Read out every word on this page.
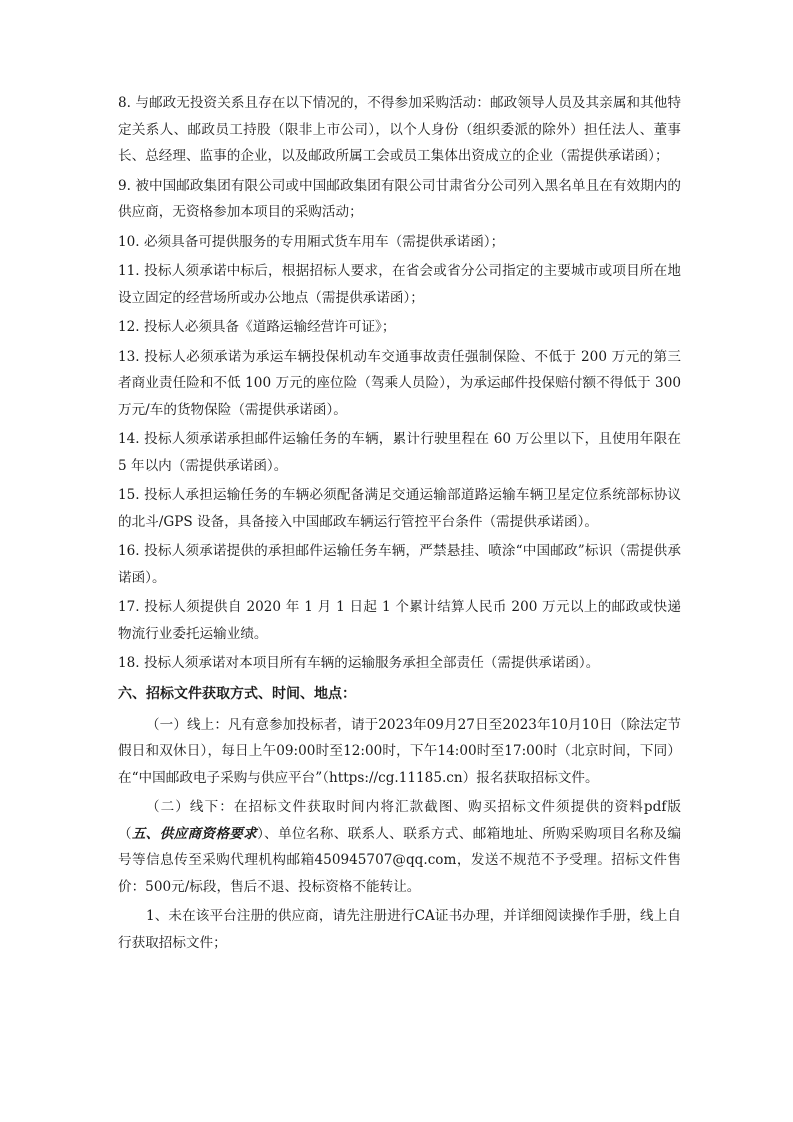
8. 与邮政无投资关系且存在以下情况的，不得参加采购活动：邮政领导人员及其亲属和其他特定关系人、邮政员工持股（限非上市公司），以个人身份（组织委派的除外）担任法人、董事长、总经理、监事的企业，以及邮政所属工会或员工集体出资成立的企业（需提供承诺函）；

9. 被中国邮政集团有限公司或中国邮政集团有限公司甘肃省分公司列入黑名单且在有效期内的供应商，无资格参加本项目的采购活动；

10. 必须具备可提供服务的专用厢式货车用车（需提供承诺函）；

11. 投标人须承诺中标后，根据招标人要求，在省会或省分公司指定的主要城市或项目所在地设立固定的经营场所或办公地点（需提供承诺函）；

12. 投标人必须具备《道路运输经营许可证》；

13. 投标人必须承诺为承运车辆投保机动车交通事故责任强制保险、不低于 200 万元的第三者商业责任险和不低 100 万元的座位险（驾乘人员险），为承运邮件投保赔付额不得低于 300 万元/车的货物保险（需提供承诺函）。

14. 投标人须承诺承担邮件运输任务的车辆，累计行驶里程在 60 万公里以下，且使用年限在 5 年以内（需提供承诺函）。

15. 投标人承担运输任务的车辆必须配备满足交通运输部道路运输车辆卫星定位系统部标协议的北斗/GPS 设备，具备接入中国邮政车辆运行管控平台条件（需提供承诺函）。

16. 投标人须承诺提供的承担邮件运输任务车辆，严禁悬挂、喷涂“中国邮政”标识（需提供承诺函）。

17. 投标人须提供自 2020 年 1 月 1 日起 1 个累计结算人民币 200 万元以上的邮政或快递物流行业委托运输业绩。

18. 投标人须承诺对本项目所有车辆的运输服务承担全部责任（需提供承诺函）。

六、招标文件获取方式、时间、地点：

（一）线上：凡有意参加投标者，请于2023年09月27日至2023年10月10日（除法定节假日和双休日），每日上午09:00时至12:00时，下午14:00时至17:00时（北京时间，下同）在“中国邮政电子采购与供应平台”（https://cg.11185.cn）报名获取招标文件。

（二）线下：在招标文件获取时间内将汇款截图、购买招标文件须提供的资料pdf版（五、供应商资格要求）、单位名称、联系人、联系方式、邮箱地址、所购采购项目名称及编号等信息传至采购代理机构邮箱450945707@qq.com，发送不规范不予受理。招标文件售价：500元/标段，售后不退、投标资格不能转让。

1、未在该平台注册的供应商，请先注册进行CA证书办理，并详细阅读操作手册，线上自行获取招标文件；
